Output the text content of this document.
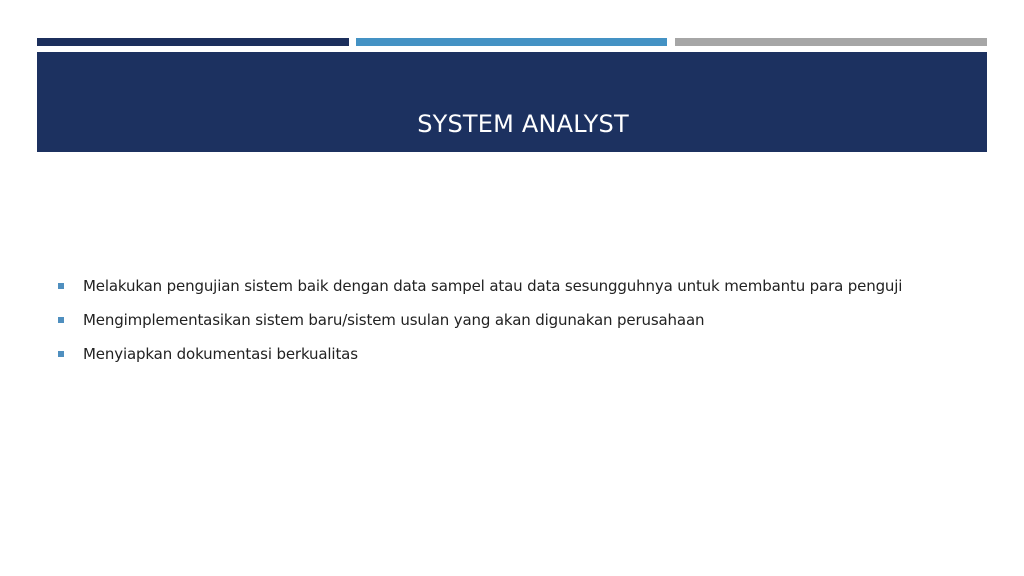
SYSTEM ANALYST
Melakukan pengujian sistem baik dengan data sampel atau data sesungguhnya untuk membantu para penguji
Mengimplementasikan sistem baru/sistem usulan yang akan digunakan perusahaan
Menyiapkan dokumentasi berkualitas
